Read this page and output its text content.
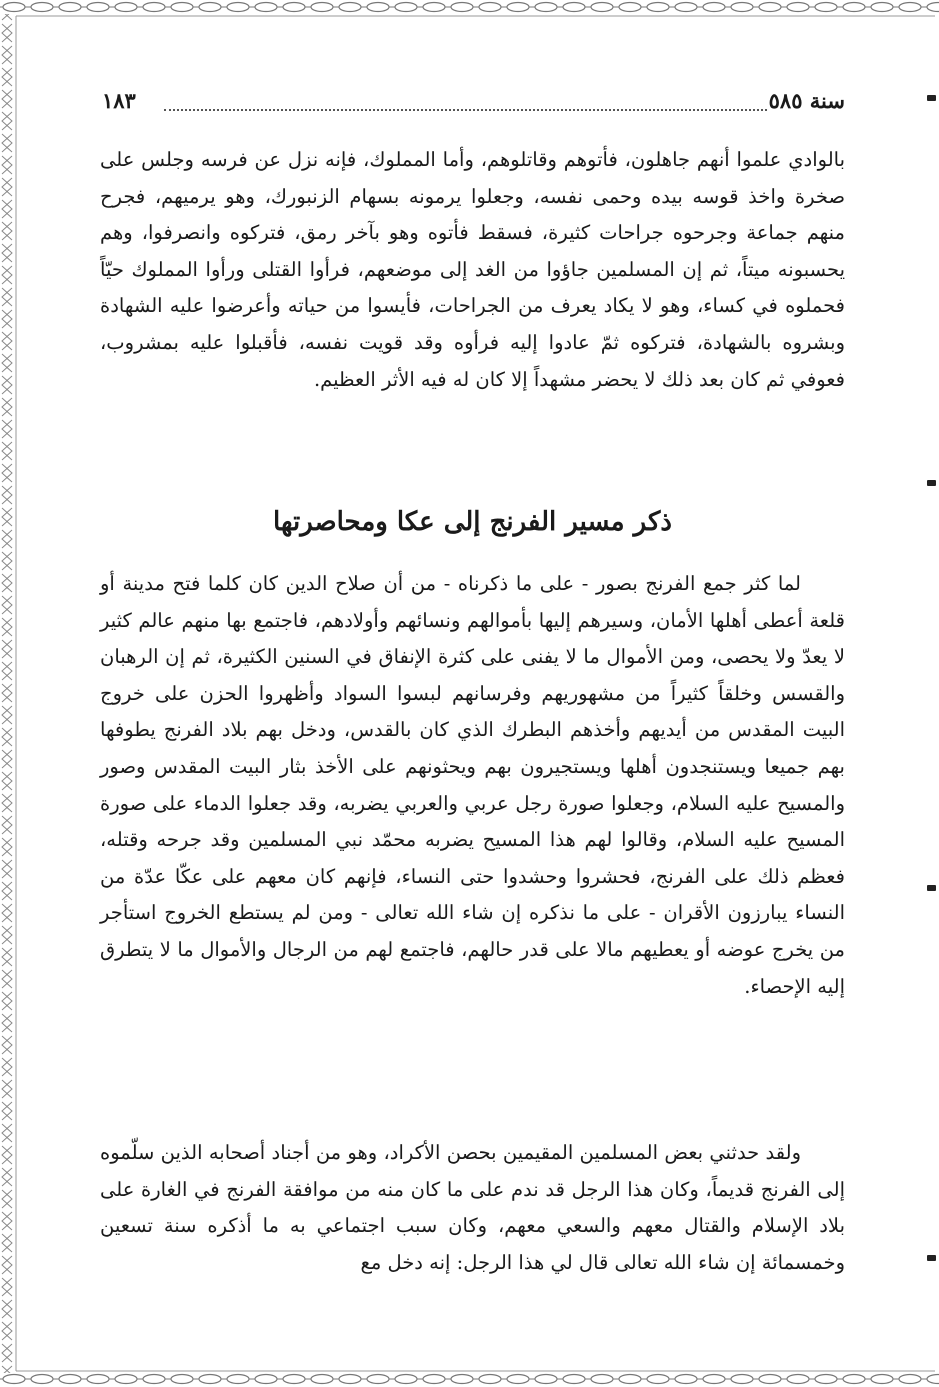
١٨٣	سنة ٥٨٥

بالوادي علموا أنهم جاهلون، فأتوهم وقاتلوهم، وأما المملوك، فإنه نزل عن فرسه وجلس على صخرة واخذ قوسه بيده وحمى نفسه، وجعلوا يرمونه بسهام الزنبورك، وهو يرميهم، فجرح منهم جماعة وجرحوه جراحات كثيرة، فسقط فأتوه وهو بآخر رمق، فتركوه وانصرفوا، وهم يحسبونه ميتاً، ثم إن المسلمين جاؤوا من الغد إلى موضعهم، فرأوا القتلى ورأوا المملوك حيّاً فحملوه في كساء، وهو لا يكاد يعرف من الجراحات، فأيسوا من حياته وأعرضوا عليه الشهادة وبشروه بالشهادة، فتركوه ثمّ عادوا إليه فرأوه وقد قويت نفسه، فأقبلوا عليه بمشروب، فعوفي ثم كان بعد ذلك لا يحضر مشهداً إلا كان له فيه الأثر العظيم.

ذكر مسير الفرنج إلى عكا ومحاصرتها

لما كثر جمع الفرنج بصور - على ما ذكرناه - من أن صلاح الدين كان كلما فتح مدينة أو قلعة أعطى أهلها الأمان، وسيرهم إليها بأموالهم ونسائهم وأولادهم، فاجتمع بها منهم عالم كثير لا يعدّ ولا يحصى، ومن الأموال ما لا يفنى على كثرة الإنفاق في السنين الكثيرة، ثم إن الرهبان والقسس وخلقاً كثيراً من مشهوريهم وفرسانهم لبسوا السواد وأظهروا الحزن على خروج البيت المقدس من أيديهم وأخذهم البطرك الذي كان بالقدس، ودخل بهم بلاد الفرنج يطوفها بهم جميعا ويستنجدون أهلها ويستجيرون بهم ويحثونهم على الأخذ بثار البيت المقدس وصور والمسيح عليه السلام، وجعلوا صورة رجل عربي والعربي يضربه، وقد جعلوا الدماء على صورة المسيح عليه السلام، وقالوا لهم هذا المسيح يضربه محمّد نبي المسلمين وقد جرحه وقتله، فعظم ذلك على الفرنج، فحشروا وحشدوا حتى النساء، فإنهم كان معهم على عكّا عدّة من النساء يبارزون الأقران - على ما نذكره إن شاء الله تعالى - ومن لم يستطع الخروج استأجر من يخرج عوضه أو يعطيهم مالا على قدر حالهم، فاجتمع لهم من الرجال والأموال ما لا يتطرق إليه الإحصاء.

ولقد حدثني بعض المسلمين المقيمين بحصن الأكراد، وهو من أجناد أصحابه الذين سلّموه إلى الفرنج قديماً، وكان هذا الرجل قد ندم على ما كان منه من موافقة الفرنج في الغارة على بلاد الإسلام والقتال معهم والسعي معهم، وكان سبب اجتماعي به ما أذكره سنة تسعين وخمسمائة إن شاء الله تعالى قال لي هذا الرجل: إنه دخل مع
